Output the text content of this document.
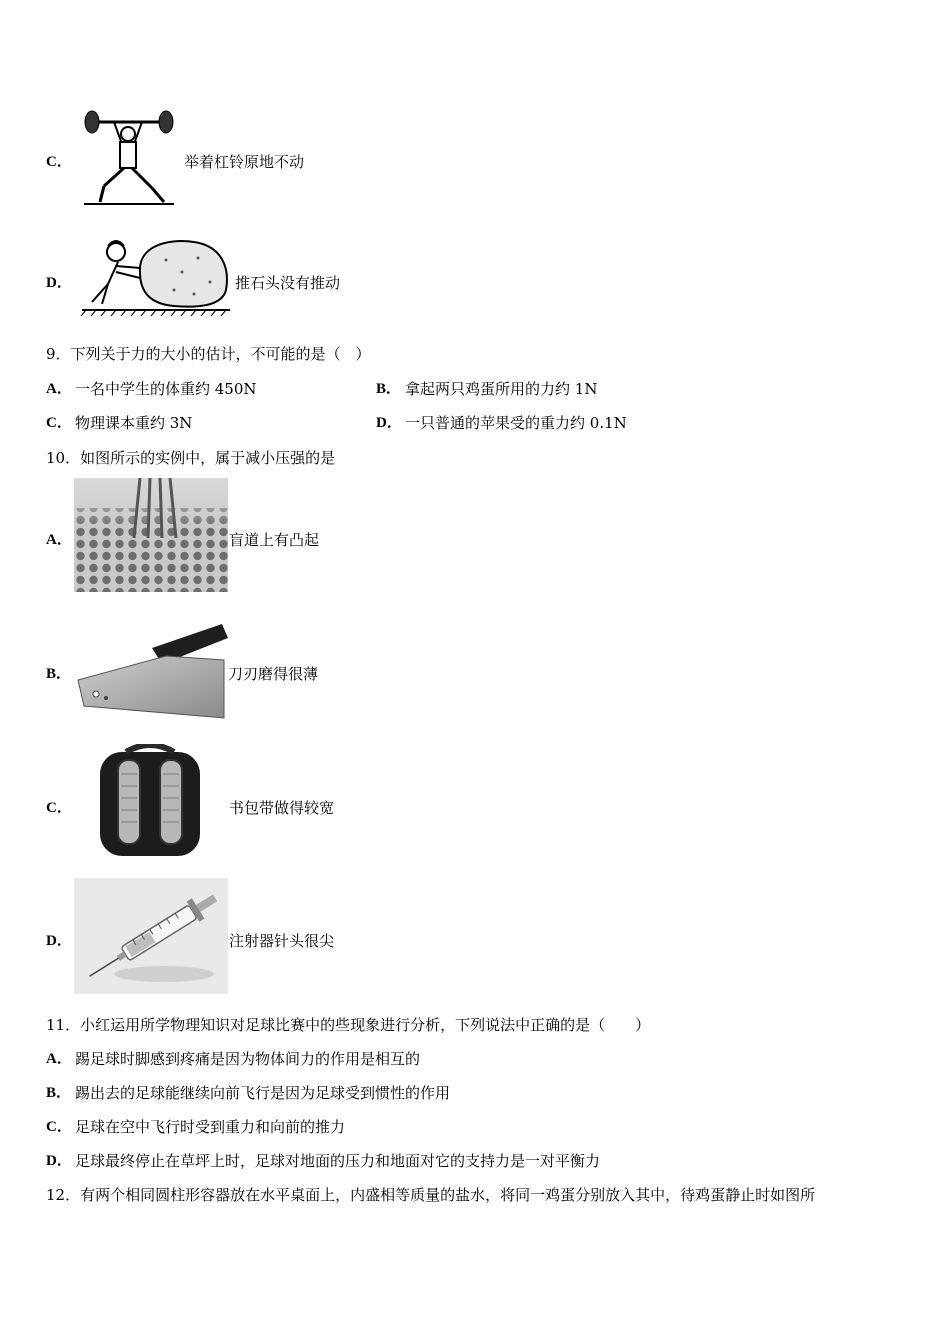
C．	举着杠铃原地不动
D．	推石头没有推动
9．下列关于力的大小的估计，不可能的是（　）
A． 一名中学生的体重约 450N	B． 拿起两只鸡蛋所用的力约 1N
C． 物理课本重约 3N	D． 一只普通的苹果受的重力约 0.1N
10．如图所示的实例中，属于减小压强的是
A．	盲道上有凸起
B．	刀刃磨得很薄
C．	书包带做得较宽
D．	注射器针头很尖
11．小红运用所学物理知识对足球比赛中的些现象进行分析，下列说法中正确的是（　　）
A． 踢足球时脚感到疼痛是因为物体间力的作用是相互的
B． 踢出去的足球能继续向前飞行是因为足球受到惯性的作用
C． 足球在空中飞行时受到重力和向前的推力
D． 足球最终停止在草坪上时，足球对地面的压力和地面对它的支持力是一对平衡力
12．有两个相同圆柱形容器放在水平桌面上，内盛相等质量的盐水，将同一鸡蛋分别放入其中，待鸡蛋静止时如图所
